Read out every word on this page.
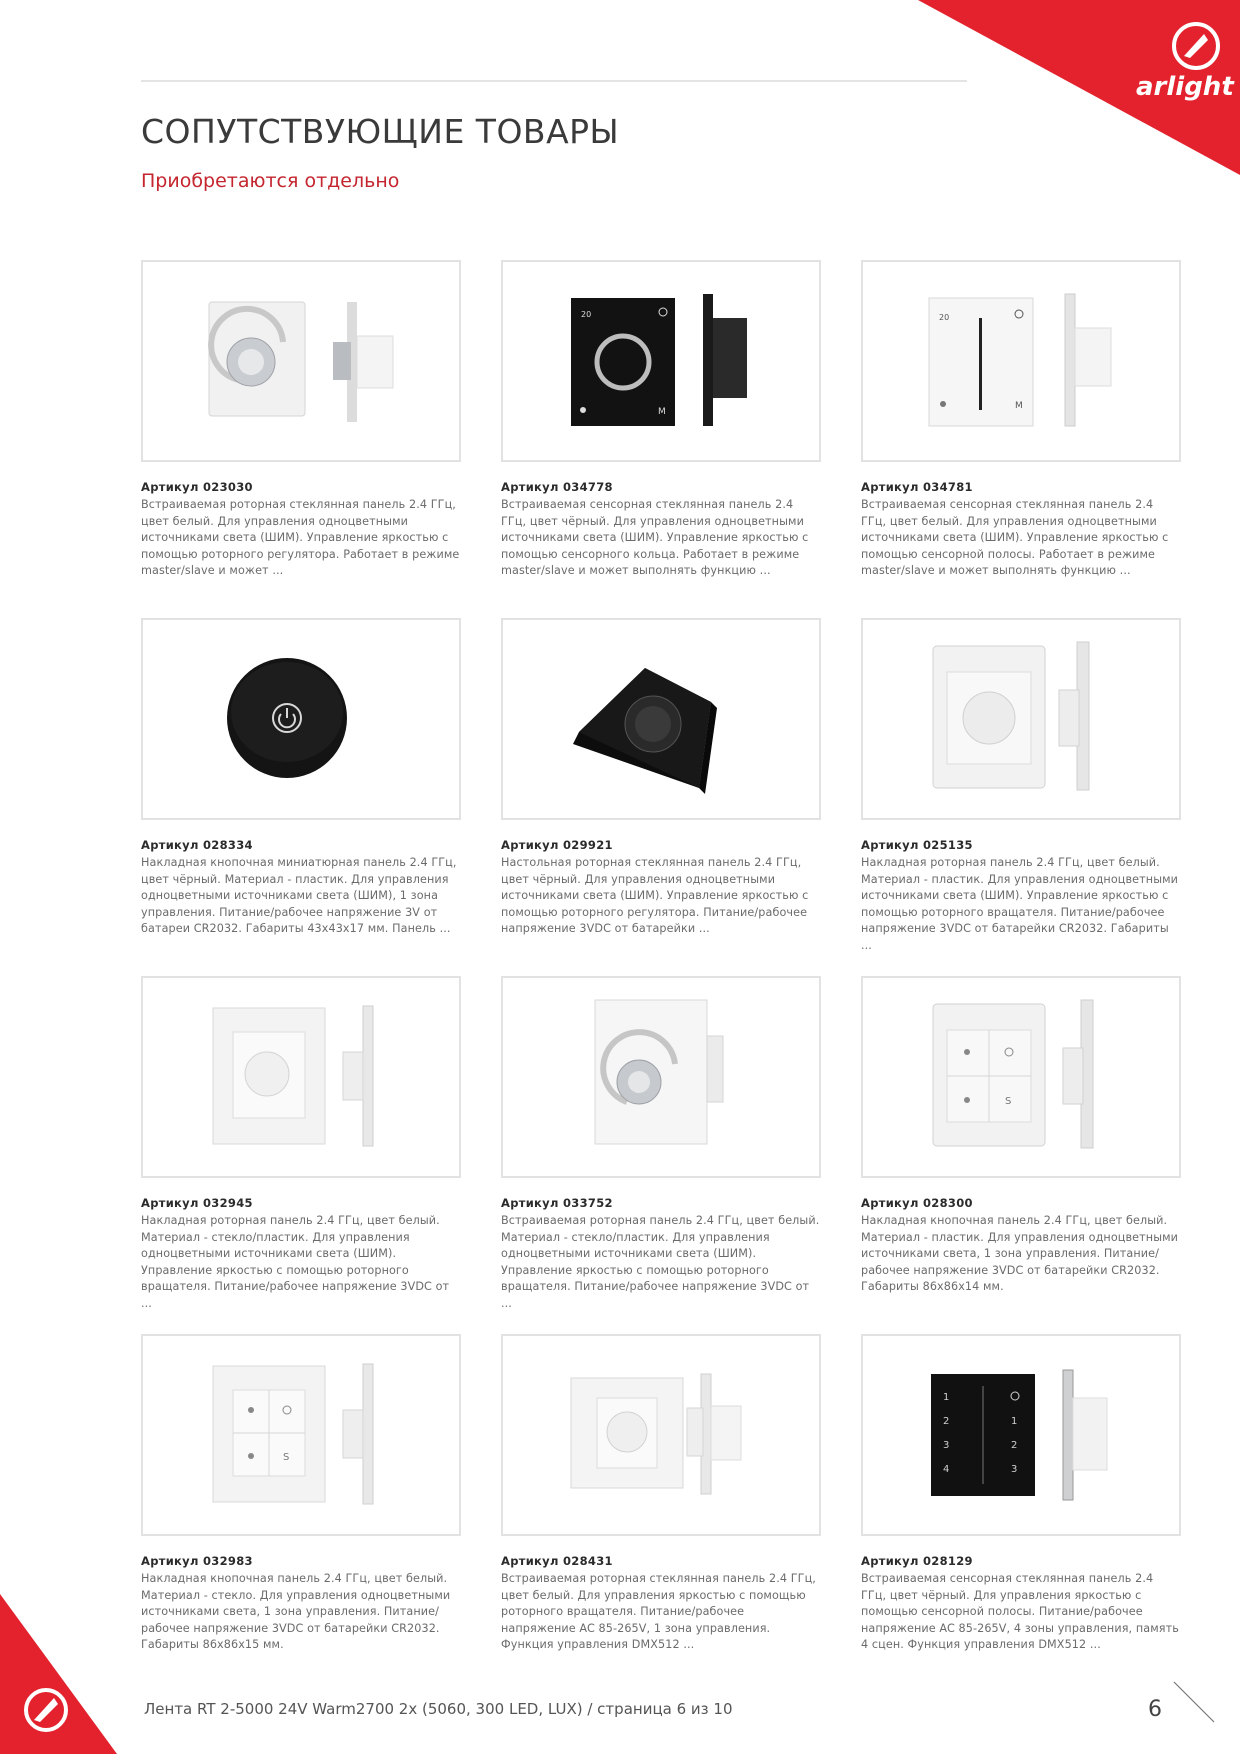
arlight
СОПУТСТВУЮЩИЕ ТОВАРЫ

Приобретаются отдельно

Артикул 023030

Встраиваемая роторная стеклянная панель 2.4 ГГц, цвет белый. Для управления одноцветными источниками света (ШИМ). Управление яркостью с помощью роторного регулятора. Работает в режиме master/slave и может ...

20
M

Артикул 034778

Встраиваемая сенсорная стеклянная панель 2.4 ГГц, цвет чёрный. Для управления одноцветными источниками света (ШИМ). Управление яркостью с помощью сенсорного кольца. Работает в режиме master/slave и может выполнять функцию ...

20
M

Артикул 034781

Встраиваемая сенсорная стеклянная панель 2.4 ГГц, цвет белый. Для управления одноцветными источниками света (ШИМ). Управление яркостью с помощью сенсорной полосы. Работает в режиме master/slave и может выполнять функцию ...

Артикул 028334

Накладная кнопочная миниатюрная панель 2.4 ГГц, цвет чёрный. Материал - пластик. Для управления одноцветными источниками света (ШИМ), 1 зона управления. Питание/рабочее напряжение 3V от батареи CR2032. Габариты 43х43х17 мм. Панель ...

Артикул 029921

Настольная роторная стеклянная панель 2.4 ГГц, цвет чёрный. Для управления одноцветными источниками света (ШИМ). Управление яркостью с помощью роторного регулятора. Питание/рабочее напряжение 3VDC от батарейки ...

Артикул 025135

Накладная роторная панель 2.4 ГГц, цвет белый. Материал - пластик. Для управления одноцветными источниками света (ШИМ). Управление яркостью с помощью роторного вращателя. Питание/рабочее напряжение 3VDC от батарейки CR2032. Габариты ...

Артикул 032945

Накладная роторная панель 2.4 ГГц, цвет белый. Материал - стекло/пластик. Для управления одноцветными источниками света (ШИМ). Управление яркостью с помощью роторного вращателя. Питание/рабочее напряжение 3VDC от ...

Артикул 033752

Встраиваемая роторная панель 2.4 ГГц, цвет белый. Материал - стекло/пластик. Для управления одноцветными источниками света (ШИМ). Управление яркостью с помощью роторного вращателя. Питание/рабочее напряжение 3VDC от ...

S

Артикул 028300

Накладная кнопочная панель 2.4 ГГц, цвет белый. Материал - пластик. Для управления одноцветными источниками света, 1 зона управления. Питание/рабочее напряжение 3VDC от батарейки CR2032. Габариты 86х86х14 мм.

S

Артикул 032983

Накладная кнопочная панель 2.4 ГГц, цвет белый. Материал - стекло. Для управления одноцветными источниками света, 1 зона управления. Питание/рабочее напряжение 3VDC от батарейки CR2032. Габариты 86х86х15 мм.

Артикул 028431

Встраиваемая роторная стеклянная панель 2.4 ГГц, цвет белый. Для управления яркостью с помощью роторного вращателя. Питание/рабочее напряжение AC 85-265V, 1 зона управления. Функция управления DMX512 ...

1
2
3
4
1
2
3

Артикул 028129

Встраиваемая сенсорная стеклянная панель 2.4 ГГц, цвет чёрный. Для управления яркостью с помощью сенсорной полосы. Питание/рабочее напряжение AC 85-265V, 4 зоны управления, память 4 сцен. Функция управления DMX512 ...

Лента RT 2-5000 24V Warm2700 2x (5060, 300 LED, LUX) / страница 6 из 10	6
